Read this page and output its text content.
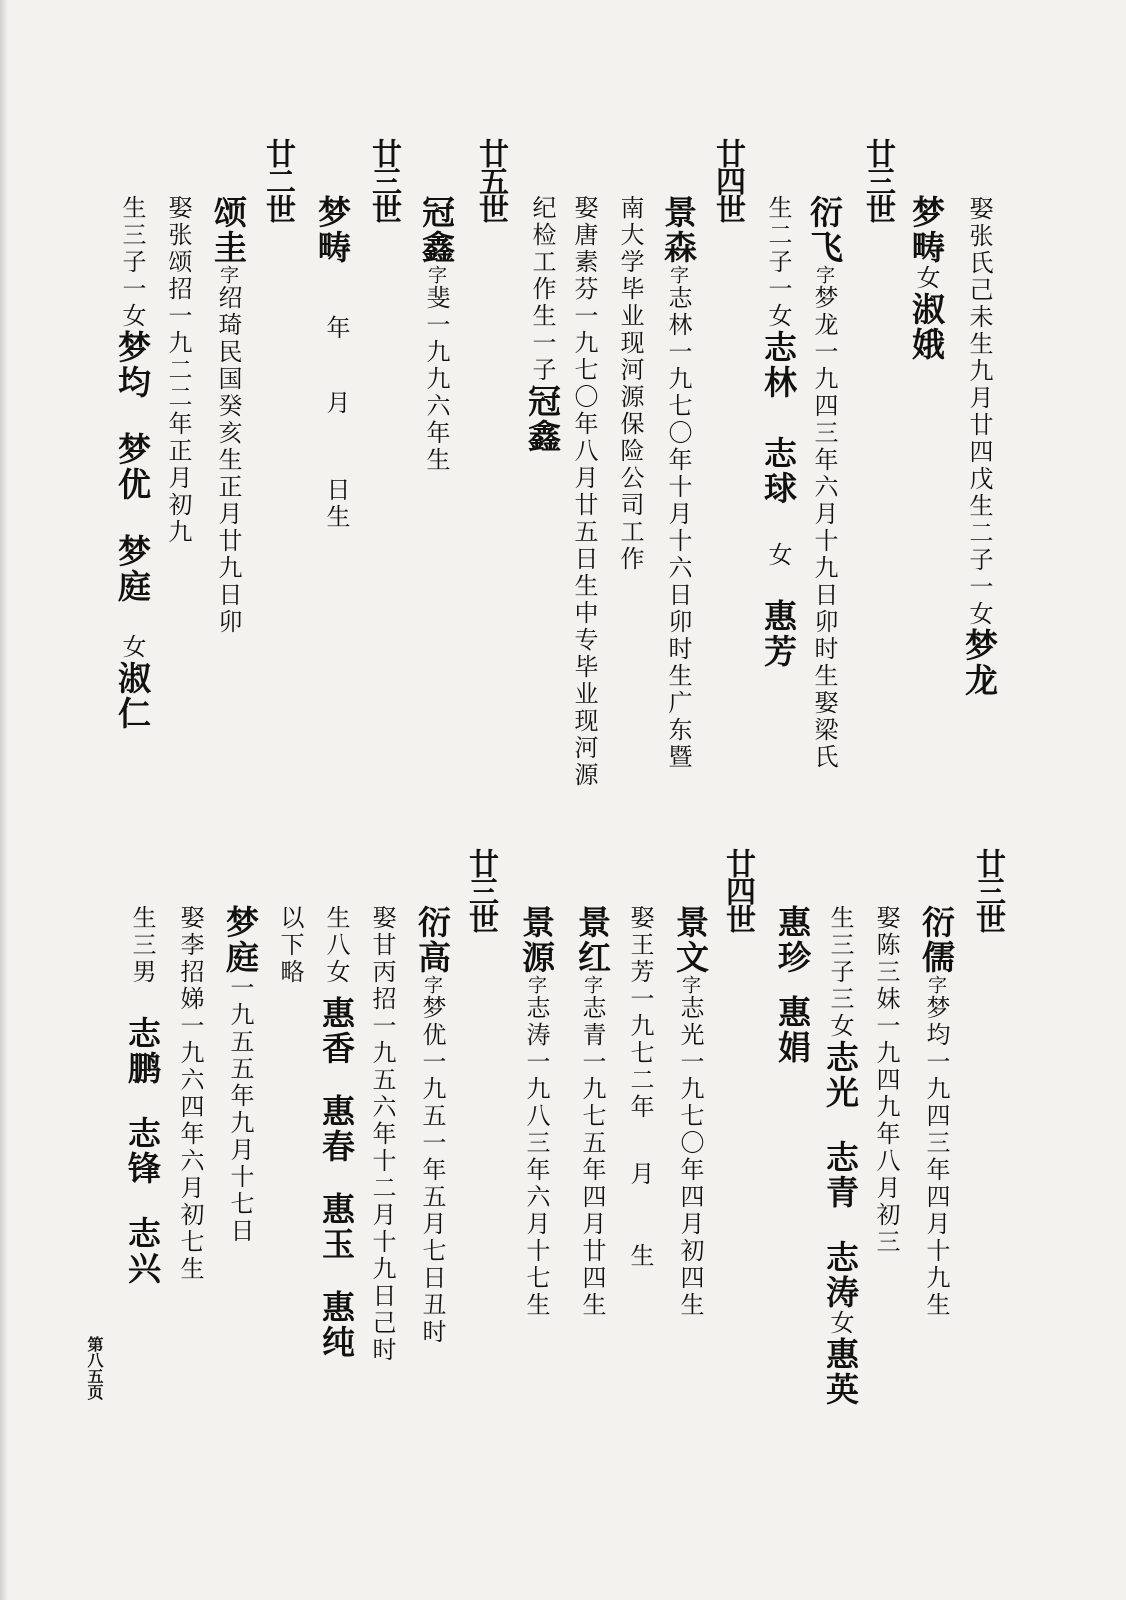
娶张氏己未生九月廿四戊生二子一女梦龙
廿三世
梦畴女淑娥
衍飞字梦龙一九四三年六月十九日卯时生娶梁氏
生二子一女志林志球女惠芳
廿四世
景森字志林一九七〇年十月十六日卯时生广东暨
南大学毕业现河源保险公司工作
娶唐素芬一九七〇年八月廿五日生中专毕业现河源
纪检工作生一子冠鑫
廿五世
冠鑫字斐一九九六年生
廿三世
梦畴
年月日生
廿二世
颂圭字绍琦民国癸亥生正月廿九日卯
娶张颂招一九二二年正月初九
生三子一女梦均梦优梦庭女淑仁
廿三世
衍儒字梦均一九四三年四月十九生
娶陈三妹一九四九年八月初三
生三子三女志光志青志涛女惠英
惠珍惠娟
廿四世
景文字志光一九七〇年四月初四生
娶王芳一九七二年月生
景红字志青一九七五年四月廿四生
景源字志涛一九八三年六月十七生
廿三世
衍高字梦优一九五一年五月七日丑时
娶甘丙招一九五六年十二月十九日己时
生八女惠香惠春惠玉惠纯
以下略
梦庭一九五五年九月十七日
娶李招娣一九六四年六月初七生
生三男志鹏志锋志兴
第八五页
